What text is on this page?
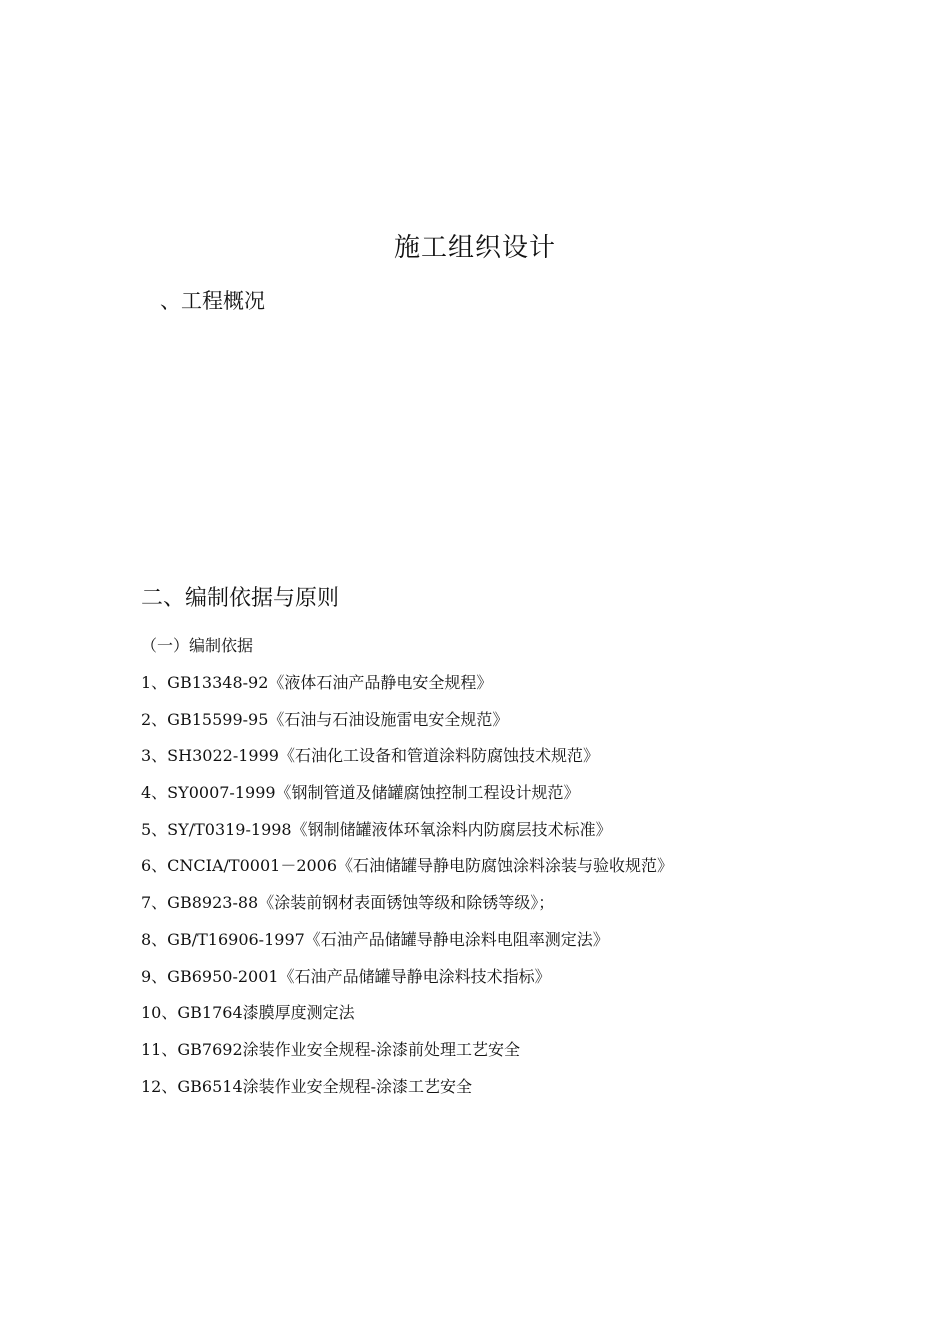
施工组织设计
、工程概况
二、编制依据与原则
（一）编制依据
1、GB13348-92《液体石油产品静电安全规程》
2、GB15599-95《石油与石油设施雷电安全规范》
3、SH3022-1999《石油化工设备和管道涂料防腐蚀技术规范》
4、SY0007-1999《钢制管道及储罐腐蚀控制工程设计规范》
5、SY/T0319-1998《钢制储罐液体环氧涂料内防腐层技术标准》
6、CNCIA/T0001－2006《石油储罐导静电防腐蚀涂料涂装与验收规范》
7、GB8923-88《涂装前钢材表面锈蚀等级和除锈等级》；
8、GB/T16906-1997《石油产品储罐导静电涂料电阻率测定法》
9、GB6950-2001《石油产品储罐导静电涂料技术指标》
10、GB1764漆膜厚度测定法
11、GB7692涂装作业安全规程-涂漆前处理工艺安全
12、GB6514涂装作业安全规程-涂漆工艺安全
